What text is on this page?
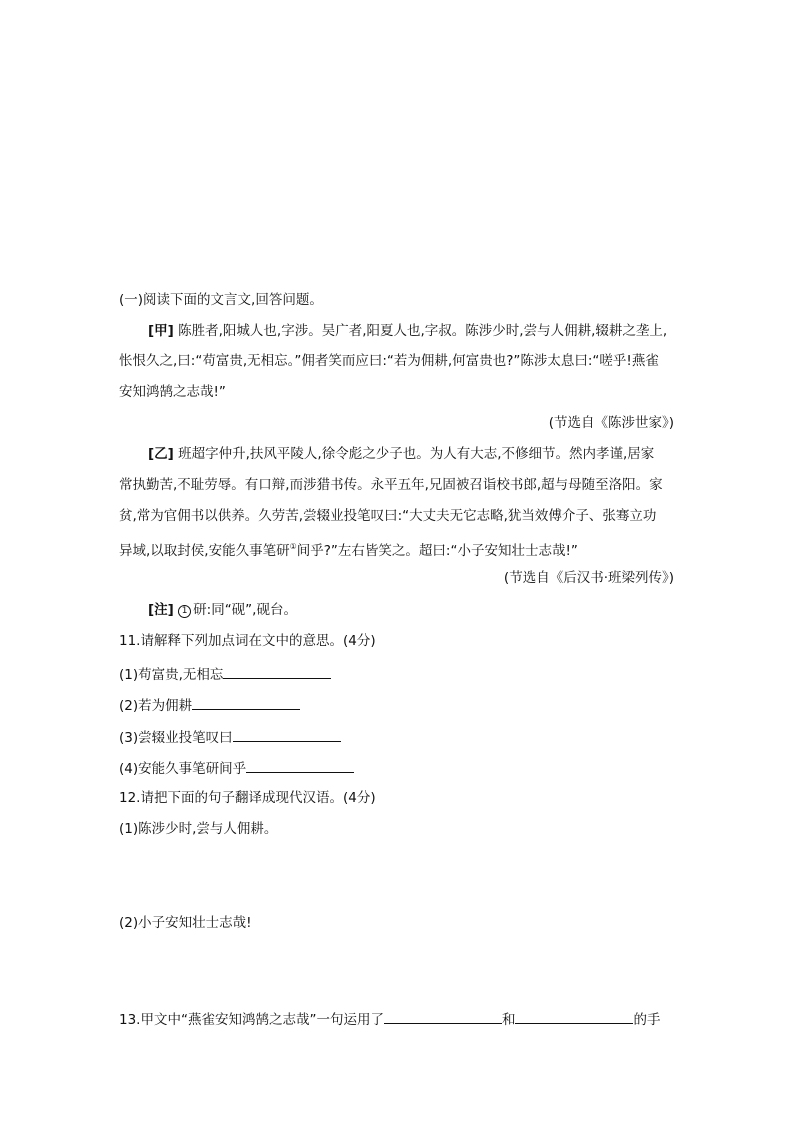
(一)阅读下面的文言文,回答问题。
[甲] 陈胜者,阳城人也,字涉。吴广者,阳夏人也,字叔。陈涉少时,尝与人佣耕,辍耕之垄上,
怅恨久之,曰:“苟富贵,无相忘。”佣者笑而应曰:“若为佣耕,何富贵也?”陈涉太息曰:“嗟乎!燕雀
安知鸿鹄之志哉!”
(节选自《陈涉世家》)
[乙] 班超字仲升,扶风平陵人,徐令彪之少子也。为人有大志,不修细节。然内孝谨,居家
常执勤苦,不耻劳辱。有口辩,而涉猎书传。永平五年,兄固被召诣校书郎,超与母随至洛阳。家
贫,常为官佣书以供养。久劳苦,尝辍业投笔叹曰:“大丈夫无它志略,犹当效傅介子、张骞立功
异域,以取封侯,安能久事笔研①间乎?”左右皆笑之。超曰:“小子安知壮士志哉!”
(节选自《后汉书·班梁列传》)
[注] 1 研:同“砚”,砚台。
11.请解释下列加点词在文中的意思。(4分)
(1)苟富贵,无相忘
(2)若为佣耕
(3)尝辍业投笔叹曰
(4)安能久事笔研间乎
12.请把下面的句子翻译成现代汉语。(4分)
(1)陈涉少时,尝与人佣耕。
(2)小子安知壮士志哉!
13.甲文中“燕雀安知鸿鹄之志哉”一句运用了	和	的手
